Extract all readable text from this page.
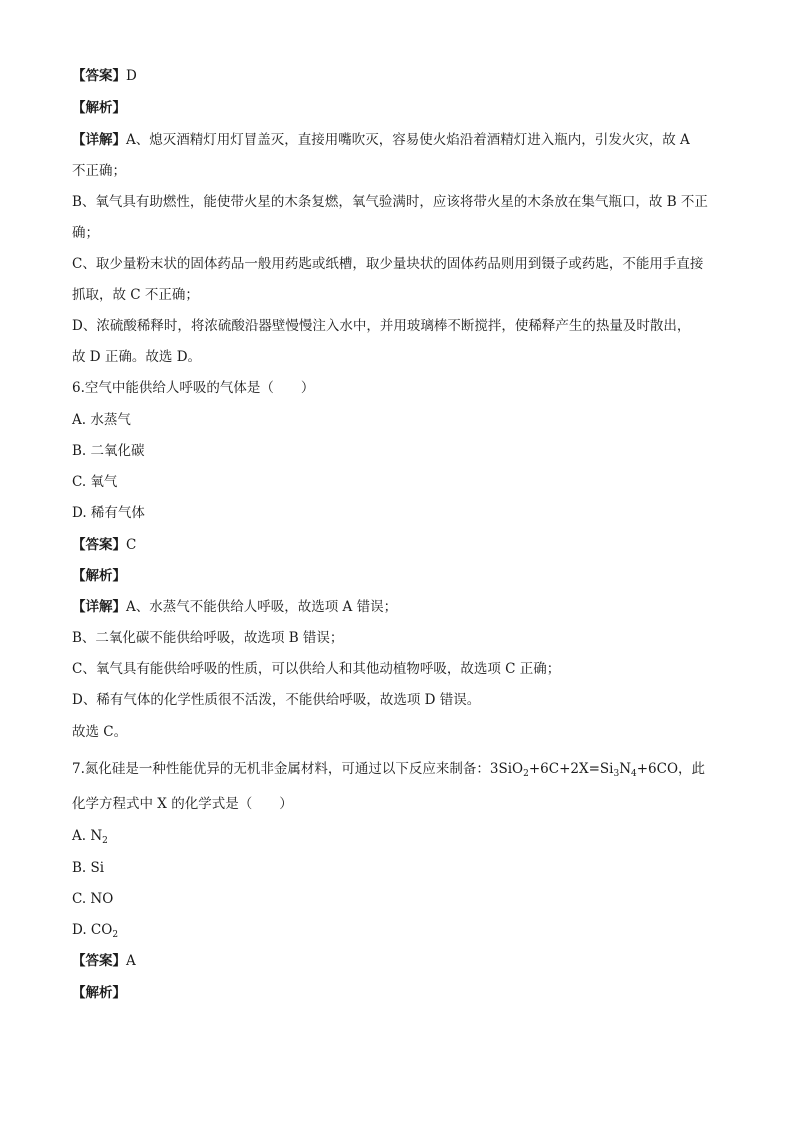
【答案】D
【解析】
【详解】A、熄灭酒精灯用灯冒盖灭，直接用嘴吹灭，容易使火焰沿着酒精灯进入瓶内，引发火灾，故 A
不正确；
B、氧气具有助燃性，能使带火星的木条复燃，氧气验满时，应该将带火星的木条放在集气瓶口，故 B 不正
确；
C、取少量粉末状的固体药品一般用药匙或纸槽，取少量块状的固体药品则用到镊子或药匙，不能用手直接
抓取，故 C 不正确；
D、浓硫酸稀释时，将浓硫酸沿器壁慢慢注入水中，并用玻璃棒不断搅拌，使稀释产生的热量及时散出，
故 D 正确。故选 D。
6.空气中能供给人呼吸的气体是（　　）
A. 水蒸气
B. 二氧化碳
C. 氧气
D. 稀有气体
【答案】C
【解析】
【详解】A、水蒸气不能供给人呼吸，故选项 A 错误；
B、二氧化碳不能供给呼吸，故选项 B 错误；
C、氧气具有能供给呼吸的性质，可以供给人和其他动植物呼吸，故选项 C 正确；
D、稀有气体的化学性质很不活泼，不能供给呼吸，故选项 D 错误。
故选 C。
7.氮化硅是一种性能优异的无机非金属材料，可通过以下反应来制备：$3SiO_2+6C+2X=Si_3N_4+6CO$，此
化学方程式中 X 的化学式是（　　）
A. $N_2$
B. Si
C. NO
D. $CO_2$
【答案】A
【解析】
